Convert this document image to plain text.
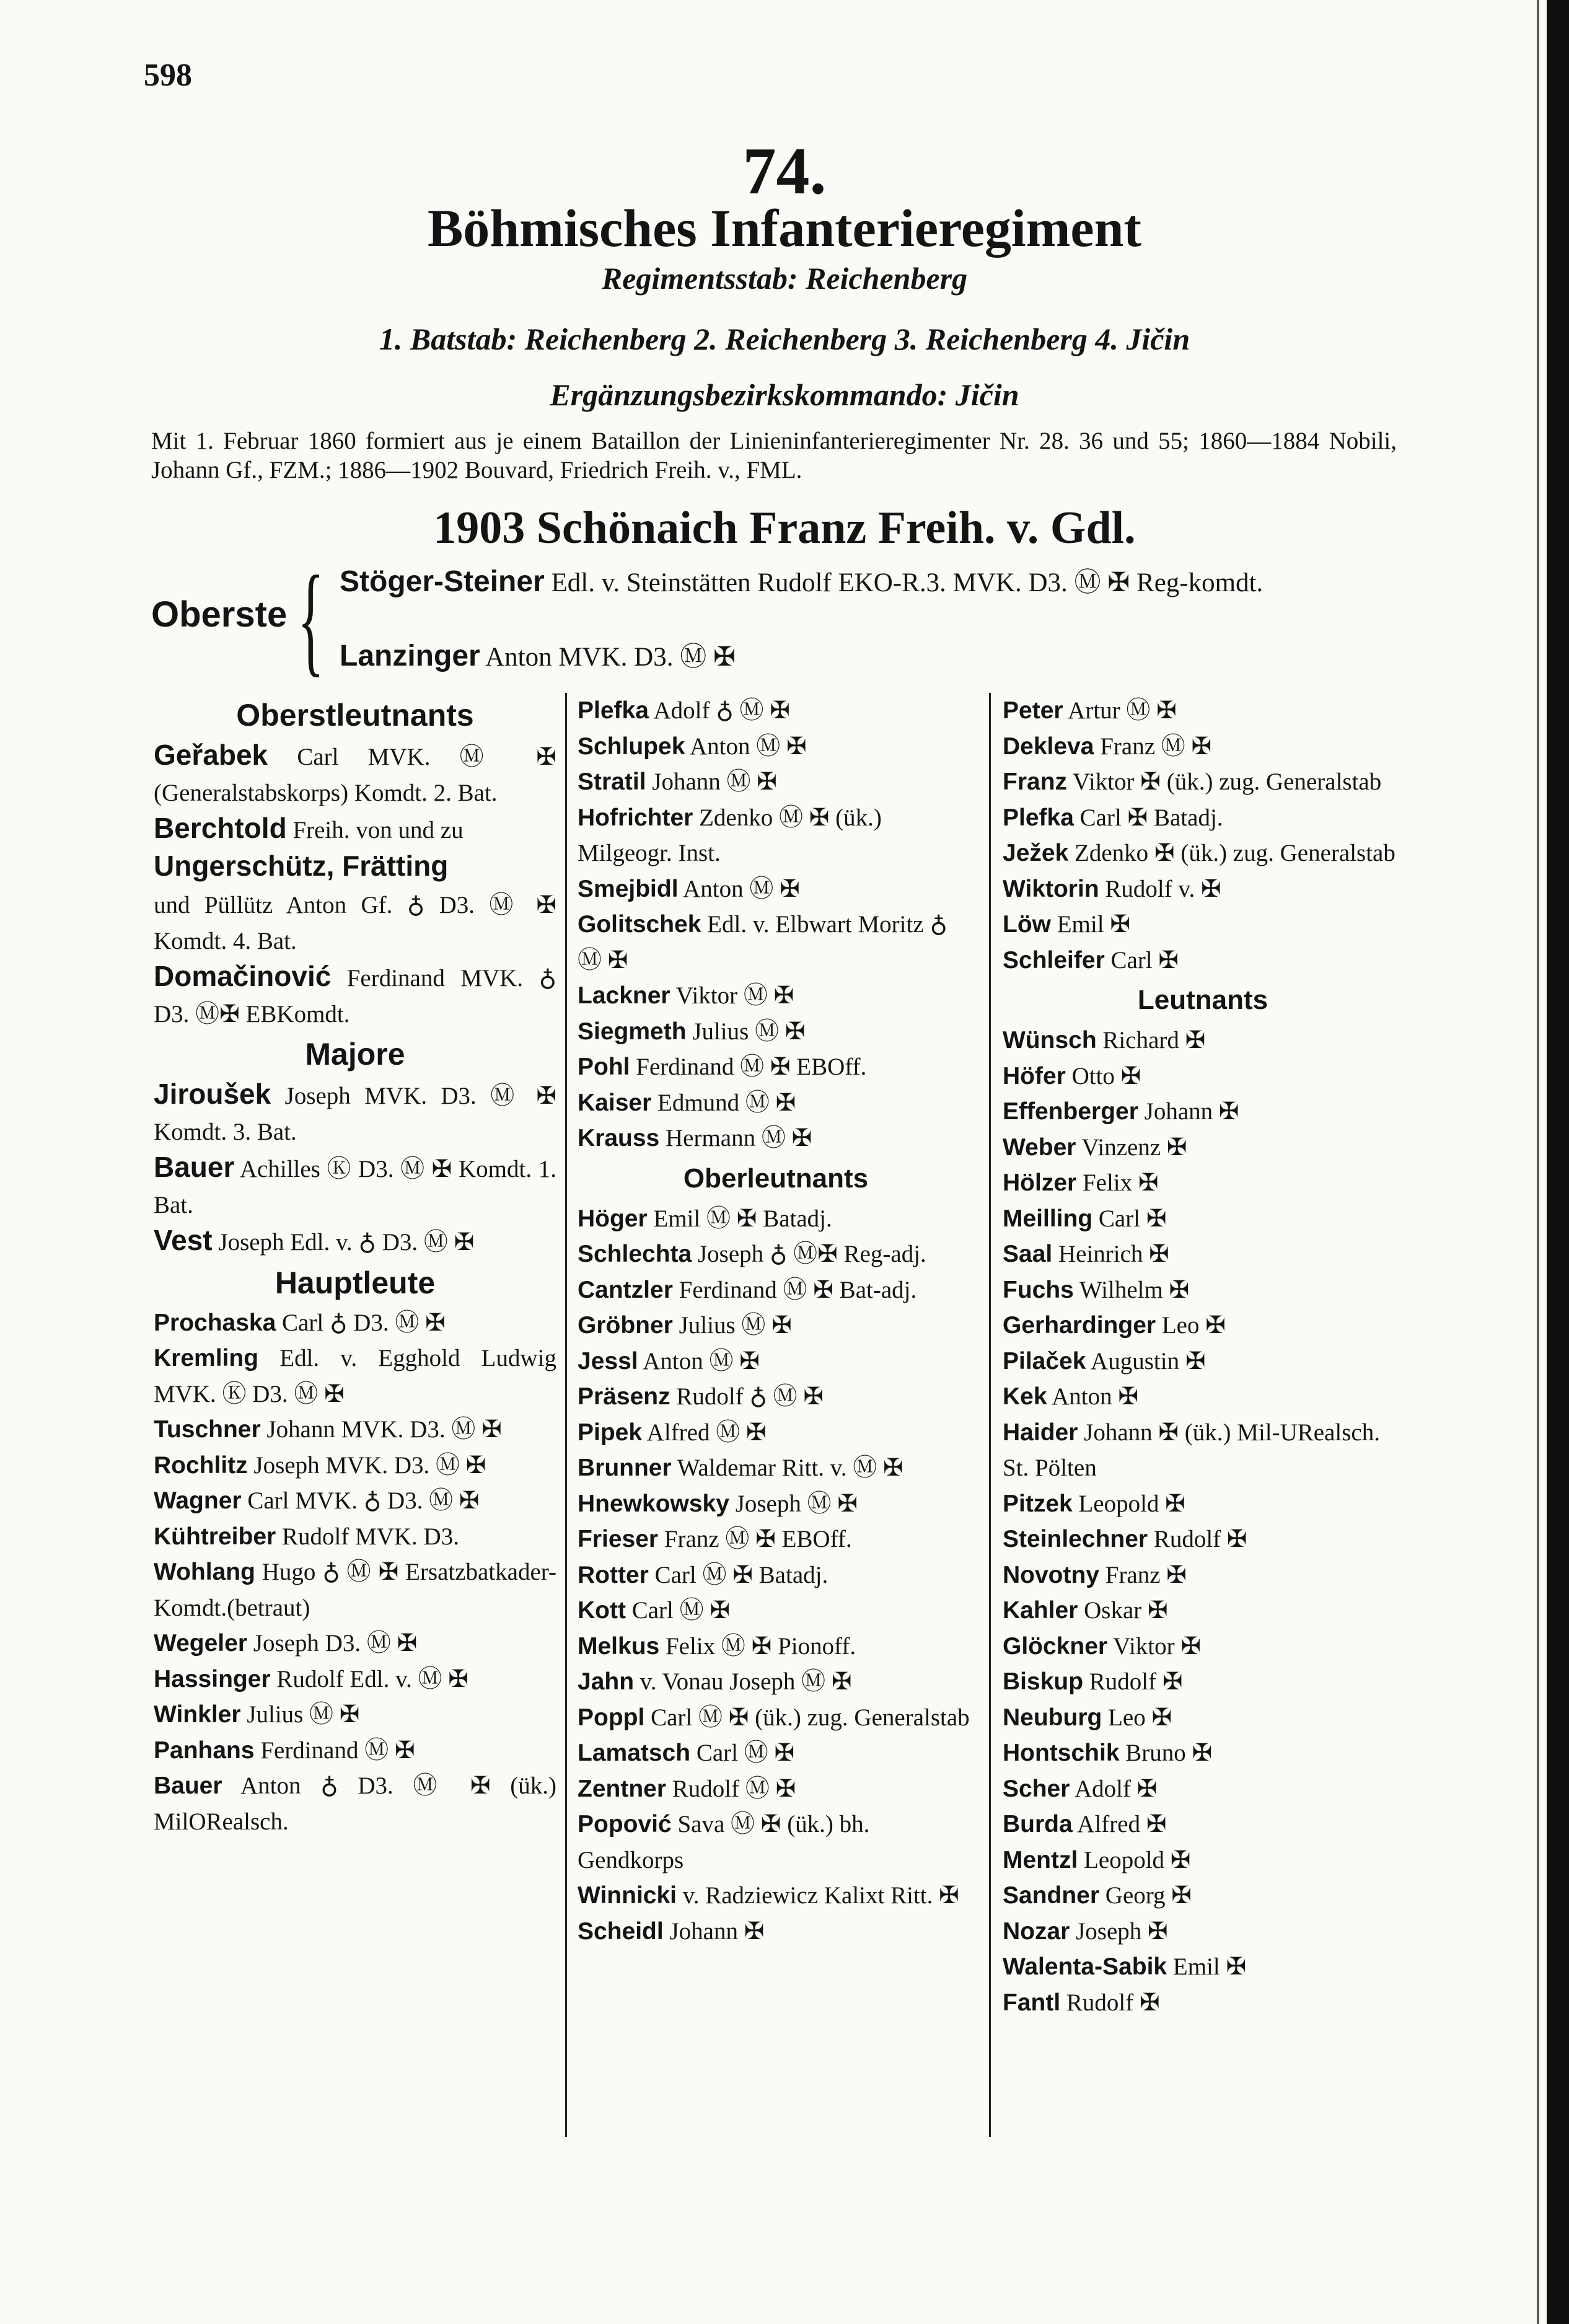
598
74.
Böhmisches Infanterieregiment
Regimentsstab: Reichenberg
1. Batstab: Reichenberg 2. Reichenberg 3. Reichenberg 4. Jičin
Ergänzungsbezirkskommando: Jičin
Mit 1. Februar 1860 formiert aus je einem Bataillon der Linieninfanterieregimenter Nr. 28. 36 und 55; 1860—1884 Nobili, Johann Gf., FZM.; 1886—1902 Bouvard, Friedrich Freih. v., FML.
1903 Schönaich Franz Freih. v. Gdl.
Oberste { Stöger-Steiner Edl. v. Steinstätten Rudolf EKO-R.3. MVK. D3. Ⓜ ✠ Reg-komdt.
Lanzinger Anton MVK. D3. Ⓜ ✠
Oberstleutnants
Geřabek Carl MVK. Ⓜ ✠ (Generalstabskorps) Komdt. 2. Bat.
Berchtold Freih. von und zu
Ungerschütz, Frätting
und Püllütz Anton Gf. ♁ D3. Ⓜ ✠ Komdt. 4. Bat.
Domačinović Ferdinand MVK. ♁ D3. Ⓜ✠ EBKomdt.
Majore
Jiroušek Joseph MVK. D3. Ⓜ ✠ Komdt. 3. Bat.
Bauer Achilles Ⓚ D3. Ⓜ ✠ Komdt. 1. Bat.
Vest Joseph Edl. v. ♁ D3. Ⓜ ✠
Hauptleute
Prochaska Carl ♁ D3. Ⓜ ✠
Kremling Edl. v. Egghold Ludwig MVK. Ⓚ D3. Ⓜ ✠
Tuschner Johann MVK. D3. Ⓜ ✠
Rochlitz Joseph MVK. D3. Ⓜ ✠
Wagner Carl MVK. ♁ D3. Ⓜ ✠
Kühtreiber Rudolf MVK. D3.
Wohlang Hugo ♁ Ⓜ ✠ Ersatzbatkader-Komdt.(betraut)
Wegeler Joseph D3. Ⓜ ✠
Hassinger Rudolf Edl. v. Ⓜ ✠
Winkler Julius Ⓜ ✠
Panhans Ferdinand Ⓜ ✠
Bauer Anton ♁ D3. Ⓜ ✠ (ük.) MilORealsch.
Plefka Adolf ♁ Ⓜ ✠
Schlupek Anton Ⓜ ✠
Stratil Johann Ⓜ ✠
Hofrichter Zdenko Ⓜ ✠ (ük.) Milgeogr. Inst.
Smejbidl Anton Ⓜ ✠
Golitschek Edl. v. Elbwart Moritz ♁ Ⓜ ✠
Lackner Viktor Ⓜ ✠
Siegmeth Julius Ⓜ ✠
Pohl Ferdinand Ⓜ ✠ EBOff.
Kaiser Edmund Ⓜ ✠
Krauss Hermann Ⓜ ✠
Oberleutnants
Höger Emil Ⓜ ✠ Batadj.
Schlechta Joseph ♁ Ⓜ✠ Reg-adj.
Cantzler Ferdinand Ⓜ ✠ Bat-adj.
Gröbner Julius Ⓜ ✠
Jessl Anton Ⓜ ✠
Präsenz Rudolf ♁ Ⓜ ✠
Pipek Alfred Ⓜ ✠
Brunner Waldemar Ritt. v. Ⓜ ✠
Hnewkowsky Joseph Ⓜ ✠
Frieser Franz Ⓜ ✠ EBOff.
Rotter Carl Ⓜ ✠ Batadj.
Kott Carl Ⓜ ✠
Melkus Felix Ⓜ ✠ Pionoff.
Jahn v. Vonau Joseph Ⓜ ✠
Poppl Carl Ⓜ ✠ (ük.) zug. Generalstab
Lamatsch Carl Ⓜ ✠
Zentner Rudolf Ⓜ ✠
Popović Sava Ⓜ ✠ (ük.) bh. Gendkorps
Winnicki v. Radziewicz Kalixt Ritt. ✠
Scheidl Johann ✠
Peter Artur Ⓜ ✠
Dekleva Franz Ⓜ ✠
Franz Viktor ✠ (ük.) zug. Generalstab
Plefka Carl ✠ Batadj.
Ježek Zdenko ✠ (ük.) zug. Generalstab
Wiktorin Rudolf v. ✠
Löw Emil ✠
Schleifer Carl ✠
Leutnants
Wünsch Richard ✠
Höfer Otto ✠
Effenberger Johann ✠
Weber Vinzenz ✠
Hölzer Felix ✠
Meilling Carl ✠
Saal Heinrich ✠
Fuchs Wilhelm ✠
Gerhardinger Leo ✠
Pilaček Augustin ✠
Kek Anton ✠
Haider Johann ✠ (ük.) Mil-URealsch. St. Pölten
Pitzek Leopold ✠
Steinlechner Rudolf ✠
Novotny Franz ✠
Kahler Oskar ✠
Glöckner Viktor ✠
Biskup Rudolf ✠
Neuburg Leo ✠
Hontschik Bruno ✠
Scher Adolf ✠
Burda Alfred ✠
Mentzl Leopold ✠
Sandner Georg ✠
Nozar Joseph ✠
Walenta-Sabik Emil ✠
Fantl Rudolf ✠
